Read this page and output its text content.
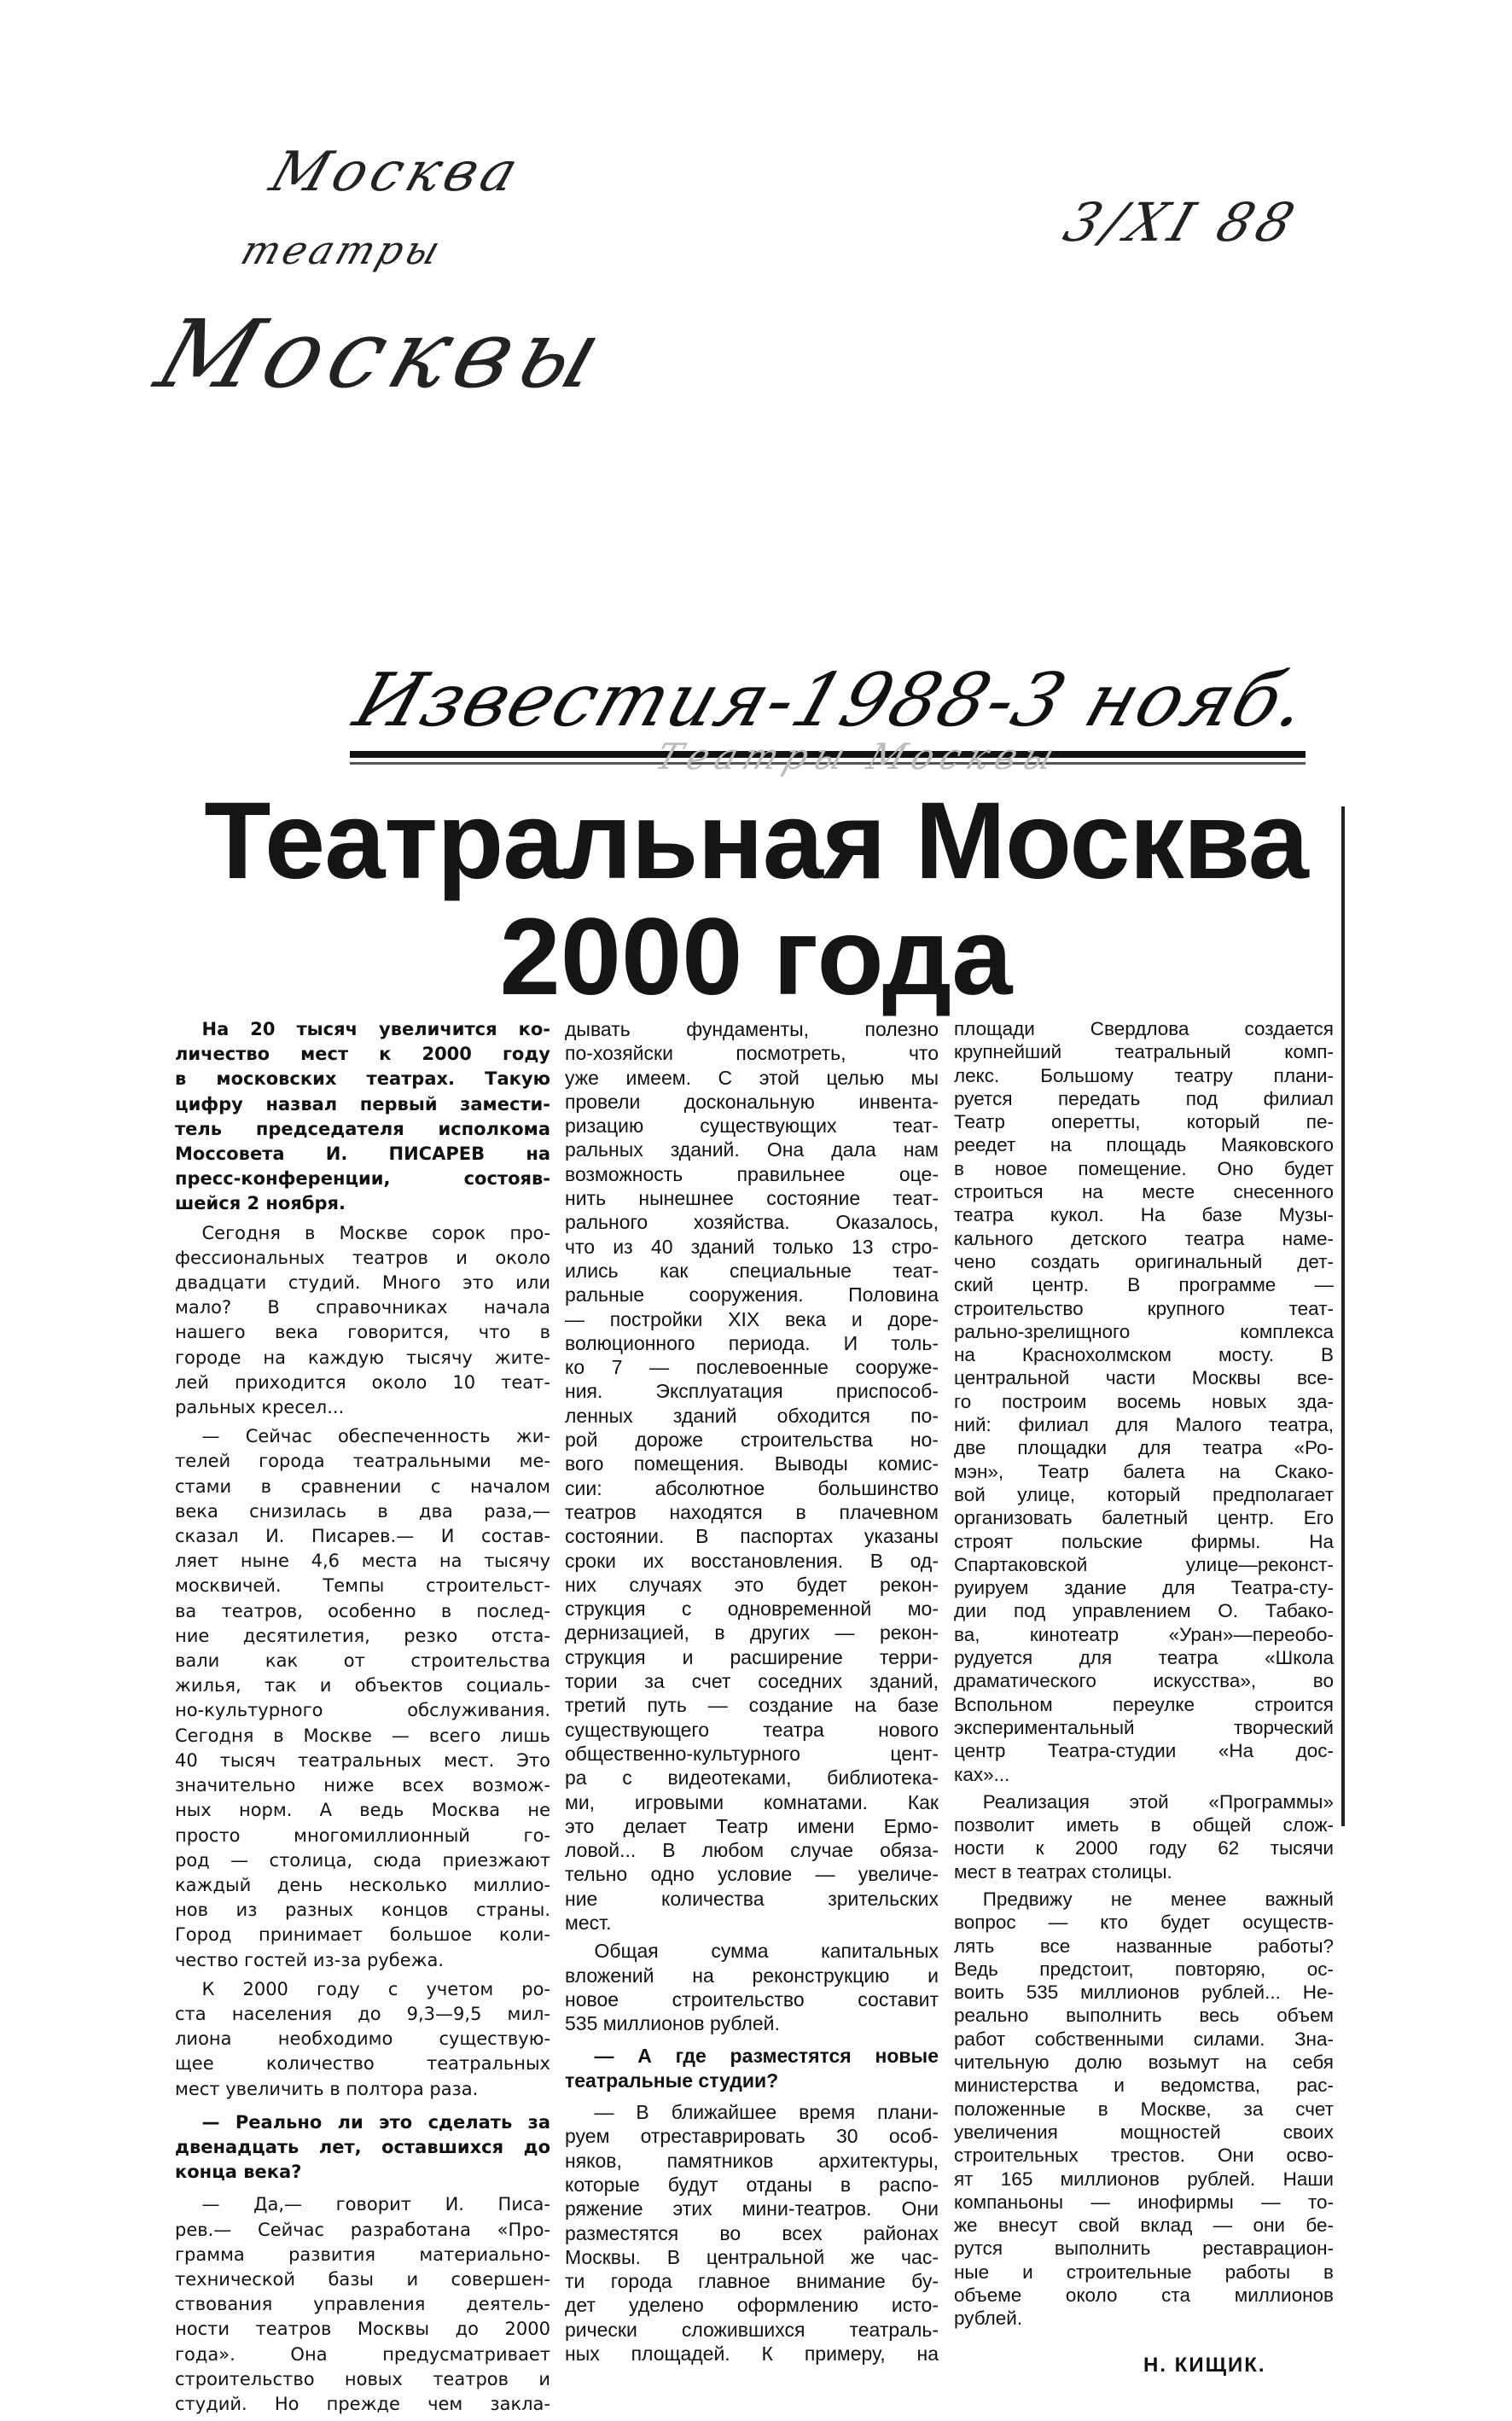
Москва
театры
Москвы
3/XI 88
Известия-1988-3 нояб.
Театры Москвы
Театральная Москва
2000 года
На 20 тысяч увеличится ко-
личество мест к 2000 году
в московских театрах. Такую
цифру назвал первый замести-
тель председателя исполкома
Моссовета И. ПИСАРЕВ на
пресс-конференции, состояв-
шейся 2 ноября.
Сегодня в Москве сорок про-
фессиональных театров и около
двадцати студий. Много это или
мало? В справочниках начала
нашего века говорится, что в
городе на каждую тысячу жите-
лей приходится около 10 теат-
ральных кресел...
— Сейчас обеспеченность жи-
телей города театральными ме-
стами в сравнении с началом
века снизилась в два раза,—
сказал И. Писарев.— И состав-
ляет ныне 4,6 места на тысячу
москвичей. Темпы строительст-
ва театров, особенно в послед-
ние десятилетия, резко отста-
вали как от строительства
жилья, так и объектов социаль-
но-культурного обслуживания.
Сегодня в Москве — всего лишь
40 тысяч театральных мест. Это
значительно ниже всех возмож-
ных норм. А ведь Москва не
просто многомиллионный го-
род — столица, сюда приезжают
каждый день несколько миллио-
нов из разных концов страны.
Город принимает большое коли-
чество гостей из-за рубежа.
К 2000 году с учетом ро-
ста населения до 9,3—9,5 мил-
лиона необходимо существую-
щее количество театральных
мест увеличить в полтора раза.
— Реально ли это сделать за
двенадцать лет, оставшихся до
конца века?
— Да,— говорит И. Писа-
рев.— Сейчас разработана «Про-
грамма развития материально-
технической базы и совершен-
ствования управления деятель-
ности театров Москвы до 2000
года». Она предусматривает
строительство новых театров и
студий. Но прежде чем закла-
дывать фундаменты, полезно
по-хозяйски посмотреть, что
уже имеем. С этой целью мы
провели доскональную инвента-
ризацию существующих теат-
ральных зданий. Она дала нам
возможность правильнее оце-
нить нынешнее состояние теат-
рального хозяйства. Оказалось,
что из 40 зданий только 13 стро-
ились как специальные теат-
ральные сооружения. Половина
— постройки XIX века и доре-
волюционного периода. И толь-
ко 7 — послевоенные сооруже-
ния. Эксплуатация приспособ-
ленных зданий обходится по-
рой дороже строительства но-
вого помещения. Выводы комис-
сии: абсолютное большинство
театров находятся в плачевном
состоянии. В паспортах указаны
сроки их восстановления. В од-
них случаях это будет рекон-
струкция с одновременной мо-
дернизацией, в других — рекон-
струкция и расширение терри-
тории за счет соседних зданий,
третий путь — создание на базе
существующего театра нового
общественно-культурного цент-
ра с видеотеками, библиотека-
ми, игровыми комнатами. Как
это делает Театр имени Ермо-
ловой... В любом случае обяза-
тельно одно условие — увеличе-
ние количества зрительских
мест.
Общая сумма капитальных
вложений на реконструкцию и
новое строительство составит
535 миллионов рублей.
— А где разместятся новые
театральные студии?
— В ближайшее время плани-
руем отреставрировать 30 особ-
няков, памятников архитектуры,
которые будут отданы в распо-
ряжение этих мини-театров. Они
разместятся во всех районах
Москвы. В центральной же час-
ти города главное внимание бу-
дет уделено оформлению исто-
рически сложившихся театраль-
ных площадей. К примеру, на
площади Свердлова создается
крупнейший театральный комп-
лекс. Большому театру плани-
руется передать под филиал
Театр оперетты, который пе-
реедет на площадь Маяковского
в новое помещение. Оно будет
строиться на месте снесенного
театра кукол. На базе Музы-
кального детского театра наме-
чено создать оригинальный дет-
ский центр. В программе —
строительство крупного теат-
рально-зрелищного комплекса
на Краснохолмском мосту. В
центральной части Москвы все-
го построим восемь новых зда-
ний: филиал для Малого театра,
две площадки для театра «Ро-
мэн», Театр балета на Скако-
вой улице, который предполагает
организовать балетный центр. Его
строят польские фирмы. На
Спартаковской улице—реконст-
руируем здание для Театра-сту-
дии под управлением О. Табако-
ва, кинотеатр «Уран»—переобо-
рудуется для театра «Школа
драматического искусства», во
Вспольном переулке строится
экспериментальный творческий
центр Театра-студии «На дос-
ках»...
Реализация этой «Программы»
позволит иметь в общей слож-
ности к 2000 году 62 тысячи
мест в театрах столицы.
Предвижу не менее важный
вопрос — кто будет осуществ-
лять все названные работы?
Ведь предстоит, повторяю, ос-
воить 535 миллионов рублей... Не-
реально выполнить весь объем
работ собственными силами. Зна-
чительную долю возьмут на себя
министерства и ведомства, рас-
положенные в Москве, за счет
увеличения мощностей своих
строительных трестов. Они осво-
ят 165 миллионов рублей. Наши
компаньоны — инофирмы — то-
же внесут свой вклад — они бе-
рутся выполнить реставрацион-
ные и строительные работы в
объеме около ста миллионов
рублей.
Н. КИЩИК.
